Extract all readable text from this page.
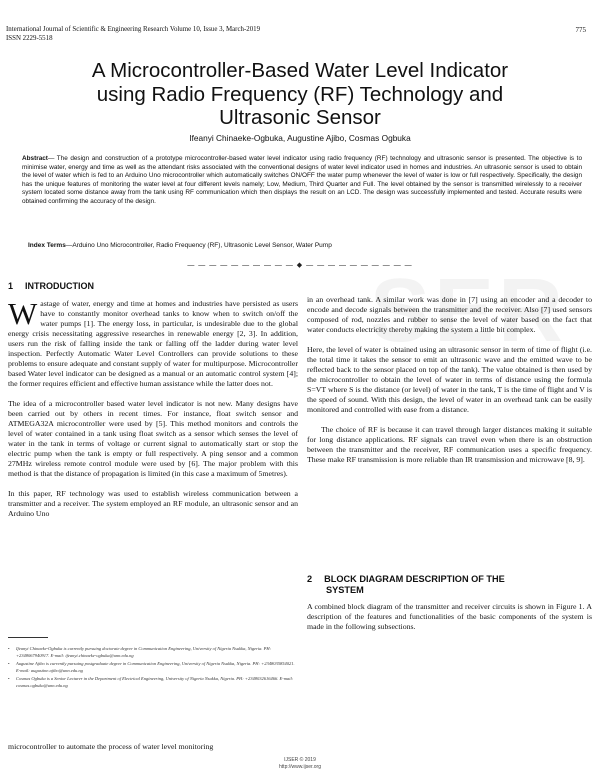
International Journal of Scientific & Engineering Research Volume 10, Issue 3, March-2019
ISSN 2229-5518
775
A Microcontroller-Based Water Level Indicator
using Radio Frequency (RF) Technology and
Ultrasonic Sensor
Ifeanyi Chinaeke-Ogbuka, Augustine Ajibo, Cosmas Ogbuka
Abstract— The design and construction of a prototype microcontroller-based water level indicator using radio frequency (RF) technology and ultrasonic sensor is presented. The objective is to minimise water, energy and time as well as the attendant risks associated with the conventional designs of water level indicator used in homes and industries. An ultrasonic sensor is used to obtain the level of water which is fed to an Arduino Uno microcontroller which automatically switches ON/OFF the water pump whenever the level of water is low or full respectively. Specifically, the design has the unique features of monitoring the water level at four different levels namely; Low, Medium, Third Quarter and Full. The level obtained by the sensor is transmitted wirelessly to a receiver system located some distance away from the tank using RF communication which then displays the result on an LCD. The design was successfully implemented and tested. Accurate results were obtained confirming the accuracy of the design.
Index Terms—Arduino Uno Microcontroller, Radio Frequency (RF), Ultrasonic Level Sensor, Water Pump
— — — — — — — — — — ◆ — — — — — — — — — —
1 INTRODUCTION

Wastage of water, energy and time at homes and industries have persisted as users have to constantly monitor overhead tanks to know when to switch on/off the water pumps [1]. The energy loss, in particular, is undesirable due to the global energy crisis necessitating aggressive researches in renewable energy [2, 3]. In addition, users run the risk of falling inside the tank or falling off the ladder during water level inspection. Perfectly Automatic Water Level Controllers can provide solutions to these problems to ensure adequate and constant supply of water for multipurpose. Microcontroller based Water level indicator can be designed as a manual or an automatic control system [4]; the former requires efficient and effective human assistance while the latter does not.

The idea of a microcontroller based water level indicator is not new. Many designs have been carried out by others in recent times. For instance, float switch sensor and ATMEGA32A microcontroller were used by [5]. This method monitors and controls the level of water contained in a tank using float switch as a sensor which senses the level of water in the tank in terms of voltage or current signal to automatically start or stop the electric pump when the tank is empty or full respectively. A ping sensor and a common 27MHz wireless remote control module were used by [6]. The major problem with this method is that the distance of propagation is limited (in this case a maximum of 5metres).

In this paper, RF technology was used to establish wireless communication between a transmitter and a receiver. The system employed an RF module, an ultrasonic sensor and an Arduino Uno

• Ifeanyi Chinaeke-Ogbuka is currently pursuing doctorate degree in Communication Engineering, University of Nigeria Nsukka, Nigeria. PH: +2348067940917. E-mail: ifeanyi.chinaeke-ogbuka@unn.edu.ng
• Augustine Ajibo is currently pursuing postgraduate degree in Communication Engineering, University of Nigeria Nsukka, Nigeria. PH: +2348035854021. E-mail: augustine.ajibo@unn.edu.ng
• Cosmas Ogbuka is a Senior Lecturer in the Department of Electrical Engineering, University of Nigeria Nsukka, Nigeria. PH: +2348032616466. E-mail: cosmas.ogbuka@unn.edu.ng
microcontroller to automate the process of water level monitoring

in an overhead tank. A similar work was done in [7] using an encoder and a decoder to encode and decode signals between the transmitter and the receiver. Also [7] used sensors composed of rod, nozzles and rubber to sense the level of water based on the fact that water conducts electricity thereby making the system a little bit complex.

Here, the level of water is obtained using an ultrasonic sensor in term of time of flight (i.e. the total time it takes the sensor to emit an ultrasonic wave and the emitted wave to be reflected back to the sensor placed on top of the tank). The value obtained is then used by the microcontroller to obtain the level of water in terms of distance using the formula S=VT where S is the distance (or level) of water in the tank, T is the time of flight and V is the speed of sound. With this design, the level of water in an overhead tank can be easily monitored and controlled with ease from a distance.

The choice of RF is because it can travel through larger distances making it suitable for long distance applications. RF signals can travel even when there is an obstruction between the transmitter and the receiver, RF communication uses a specific frequency. These make RF transmission is more reliable than IR transmission and microwave [8, 9].

2 BLOCK DIAGRAM DESCRIPTION OF THE
SYSTEM
A combined block diagram of the transmitter and receiver circuits is shown in Figure 1. A description of the features and functionalities of the basic components of the system is made in the following subsections.
IJSER © 2019
http://www.ijser.org
